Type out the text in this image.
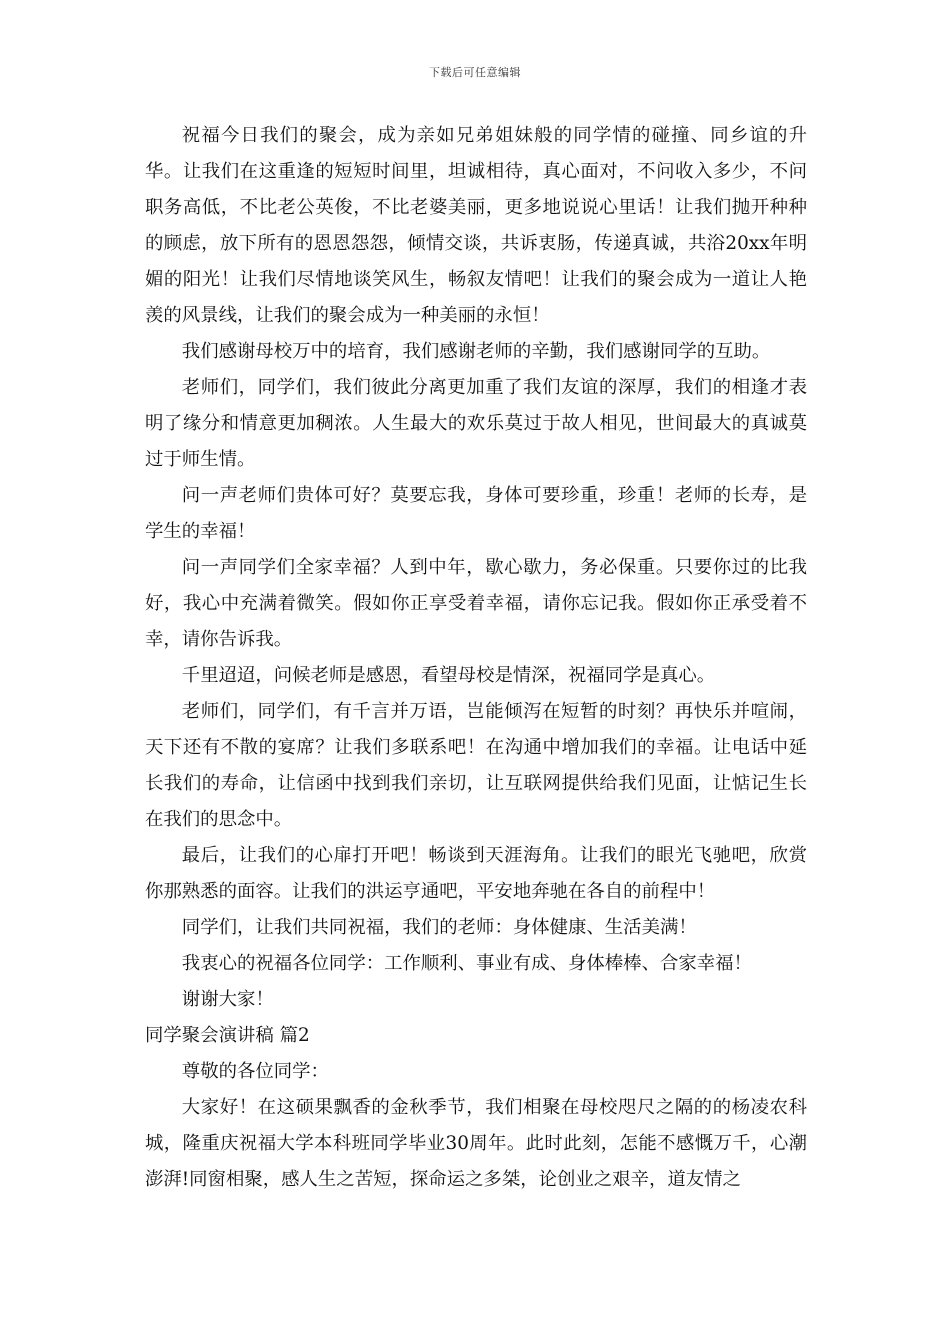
下载后可任意编辑

祝福今日我们的聚会，成为亲如兄弟姐妹般的同学情的碰撞、同乡谊的升华。让我们在这重逢的短短时间里，坦诚相待，真心面对，不问收入多少，不问职务高低，不比老公英俊，不比老婆美丽，更多地说说心里话！让我们抛开种种的顾虑，放下所有的恩恩怨怨，倾情交谈，共诉衷肠，传递真诚，共浴20xx年明媚的阳光！让我们尽情地谈笑风生，畅叙友情吧！让我们的聚会成为一道让人艳羡的风景线，让我们的聚会成为一种美丽的永恒！

我们感谢母校万中的培育，我们感谢老师的辛勤，我们感谢同学的互助。

老师们，同学们，我们彼此分离更加重了我们友谊的深厚，我们的相逢才表明了缘分和情意更加稠浓。人生最大的欢乐莫过于故人相见，世间最大的真诚莫过于师生情。

问一声老师们贵体可好？莫要忘我，身体可要珍重，珍重！老师的长寿，是学生的幸福！

问一声同学们全家幸福？人到中年，歇心歇力，务必保重。只要你过的比我好，我心中充满着微笑。假如你正享受着幸福，请你忘记我。假如你正承受着不幸，请你告诉我。

千里迢迢，问候老师是感恩，看望母校是情深，祝福同学是真心。

老师们，同学们，有千言并万语，岂能倾泻在短暂的时刻？再快乐并喧闹，天下还有不散的宴席？让我们多联系吧！在沟通中增加我们的幸福。让电话中延长我们的寿命，让信函中找到我们亲切，让互联网提供给我们见面，让惦记生长在我们的思念中。

最后，让我们的心扉打开吧！畅谈到天涯海角。让我们的眼光飞驰吧，欣赏你那熟悉的面容。让我们的洪运亨通吧，平安地奔驰在各自的前程中！

同学们，让我们共同祝福，我们的老师：身体健康、生活美满！

我衷心的祝福各位同学：工作顺利、事业有成、身体棒棒、合家幸福！

谢谢大家！

同学聚会演讲稿 篇2

尊敬的各位同学：

大家好！在这硕果飘香的金秋季节，我们相聚在母校咫尺之隔的的杨凌农科城，隆重庆祝福大学本科班同学毕业30周年。此时此刻，怎能不感慨万千，心潮澎湃!同窗相聚，感人生之苦短，探命运之多桀，论创业之艰辛，道友情之
